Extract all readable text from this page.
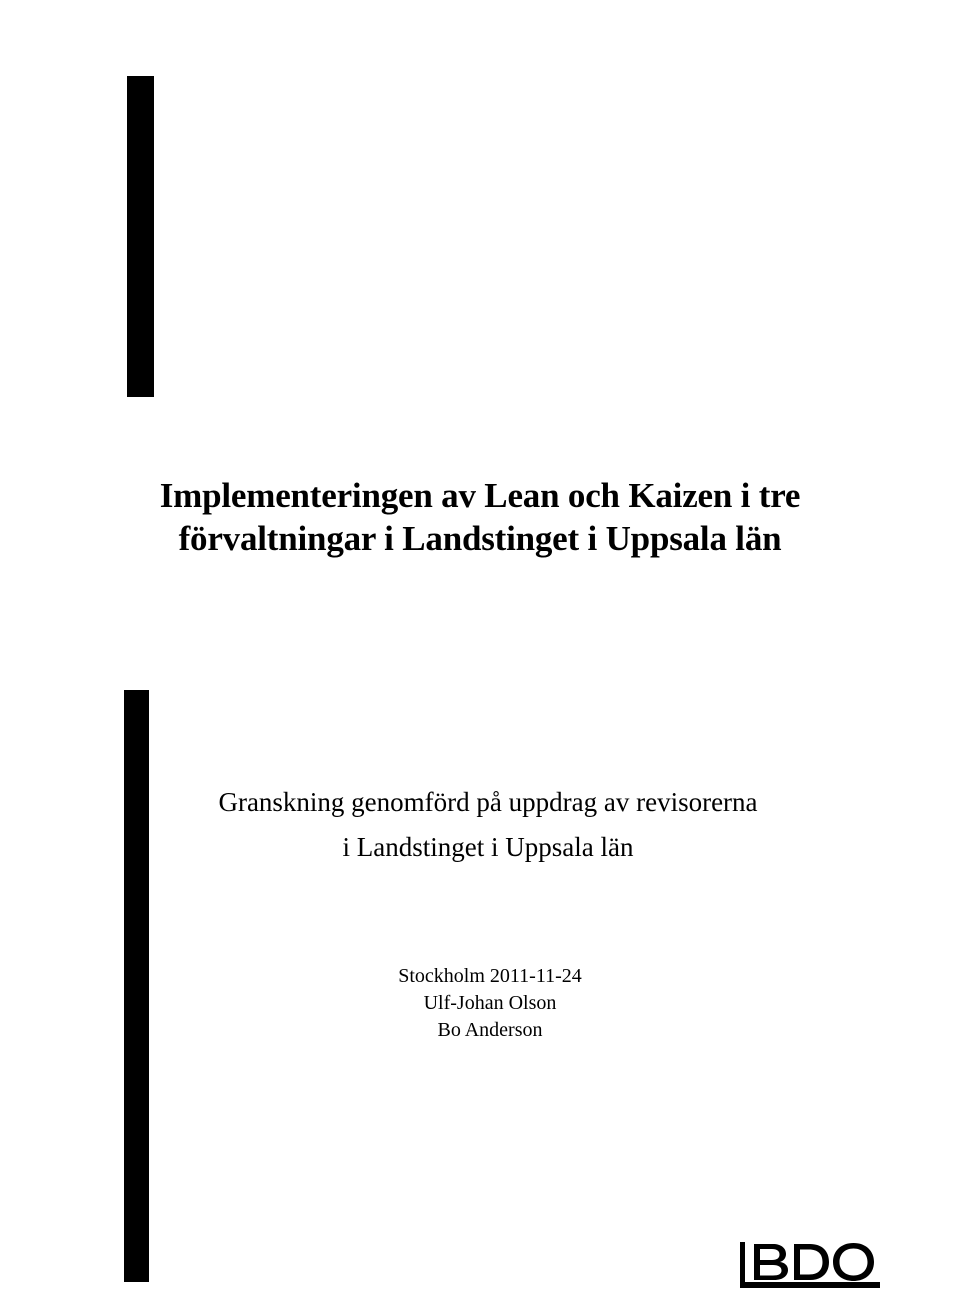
Implementeringen av Lean och Kaizen i tre
förvaltningar i Landstinget i Uppsala län
Granskning genomförd på uppdrag av revisorerna
i Landstinget i Uppsala län
Stockholm 2011-11-24
Ulf-Johan Olson
Bo Anderson
